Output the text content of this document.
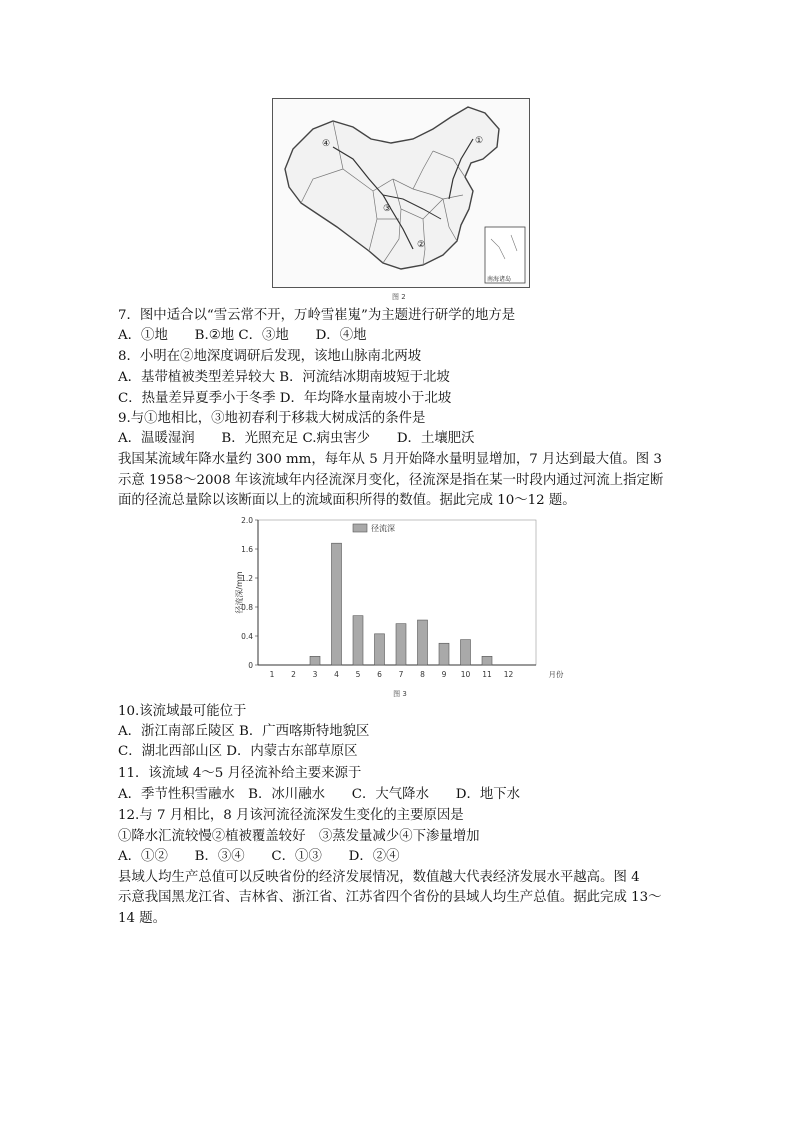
南海诸岛
④	①
③
②
图 2
7．图中适合以“雪云常不开，万岭雪崔嵬”为主题进行研学的地方是
A．①地　　B.②地 C．③地　　D．④地
8．小明在②地深度调研后发现，该地山脉南北两坡
A．基带植被类型差异较大 B．河流结冰期南坡短于北坡
C．热量差异夏季小于冬季 D．年均降水量南坡小于北坡
9.与①地相比，③地初春利于移栽大树成活的条件是
A．温暖湿润　　B．光照充足 C.病虫害少　　D．土壤肥沃
我国某流域年降水量约 300 mm，每年从 5 月开始降水量明显增加，7 月达到最大值。图 3
示意 1958～2008 年该流域年内径流深月变化，径流深是指在某一时段内通过河流上指定断
面的径流总量除以该断面以上的流域面积所得的数值。据此完成 10～12 题。
0
0.4
0.8
1.2
1.6
2.0
径流深/mm
1 2 3 4 5 6 7 8 9 10 11 12	月份
径流深
图 3
10.该流域最可能位于
A．浙江南部丘陵区 B．广西喀斯特地貌区
C．湖北西部山区 D．内蒙古东部草原区
11．该流域 4～5 月径流补给主要来源于
A．季节性积雪融水　B．冰川融水　　C．大气降水　　D．地下水
12.与 7 月相比，8 月该河流径流深发生变化的主要原因是
①降水汇流较慢②植被覆盖较好　③蒸发量减少④下渗量增加
A．①②　　B．③④　　C．①③　　D．②④
县域人均生产总值可以反映省份的经济发展情况，数值越大代表经济发展水平越高。图 4
示意我国黑龙江省、吉林省、浙江省、江苏省四个省份的县域人均生产总值。据此完成 13～
14 题。
